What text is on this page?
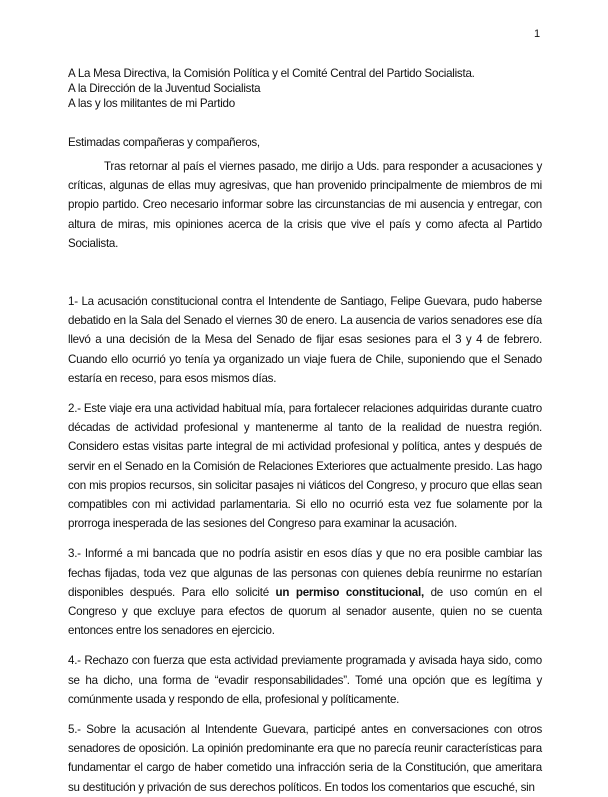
1

A La Mesa Directiva, la Comisión Política y el Comité Central del Partido Socialista.

A la Dirección de la Juventud Socialista

A las y los militantes de mi Partido

Estimadas compañeras y compañeros,

Tras retornar al país el viernes pasado, me dirijo a Uds. para responder a acusaciones y críticas, algunas de ellas muy agresivas, que han provenido principalmente de miembros de mi propio partido. Creo necesario informar sobre las circunstancias de mi ausencia y entregar, con altura de miras, mis opiniones acerca de la crisis que vive el país y como afecta al Partido Socialista.

1- La acusación constitucional contra el Intendente de Santiago, Felipe Guevara, pudo haberse debatido en la Sala del Senado el viernes 30 de enero. La ausencia de varios senadores ese día llevó a una decisión de la Mesa del Senado de fijar esas sesiones para el 3 y 4 de febrero. Cuando ello ocurrió yo tenía ya organizado un viaje fuera de Chile, suponiendo que el Senado estaría en receso, para esos mismos días.

2.- Este viaje era una actividad habitual mía, para fortalecer relaciones adquiridas durante cuatro décadas de actividad profesional y mantenerme al tanto de la realidad de nuestra región. Considero estas visitas parte integral de mi actividad profesional y política, antes y después de servir en el Senado en la Comisión de Relaciones Exteriores que actualmente presido. Las hago con mis propios recursos, sin solicitar pasajes ni viáticos del Congreso, y procuro que ellas sean compatibles con mi actividad parlamentaria. Si ello no ocurrió esta vez fue solamente por la prorroga inesperada de las sesiones del Congreso para examinar la acusación.

3.- Informé a mi bancada que no podría asistir en esos días y que no era posible cambiar las fechas fijadas, toda vez que algunas de las personas con quienes debía reunirme no estarían disponibles después. Para ello solicité un permiso constitucional, de uso común en el Congreso y que excluye para efectos de quorum al senador ausente, quien no se cuenta entonces entre los senadores en ejercicio.

4.- Rechazo con fuerza que esta actividad previamente programada y avisada haya sido, como se ha dicho, una forma de “evadir responsabilidades”. Tomé una opción que es legítima y comúnmente usada y respondo de ella, profesional y políticamente.

5.- Sobre la acusación al Intendente Guevara, participé antes en conversaciones con otros senadores de oposición. La opinión predominante era que no parecía reunir características para fundamentar el cargo de haber cometido una infracción seria de la Constitución, que ameritara su destitución y privación de sus derechos políticos. En todos los comentarios que escuché, sin
